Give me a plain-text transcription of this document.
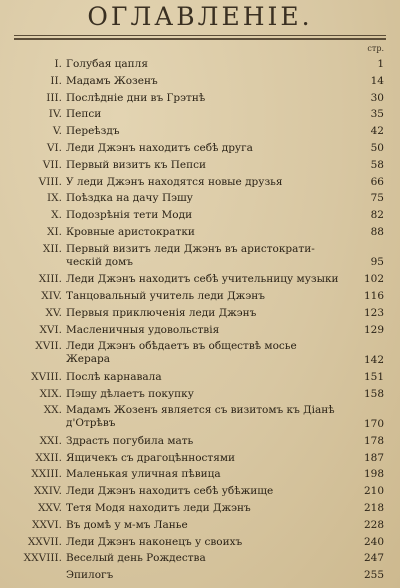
ОГЛАВЛЕНІЕ.
стр.
I. Голубая цапля	1
II. Мадамъ Жозенъ	14
III. Послѣдніе дни въ Грэтнѣ	30
IV. Пепси	35
V. Переѣздъ	42
VI. Леди Джэнъ находитъ себѣ друга	50
VII. Первый визитъ къ Пепси	58
VIII. У леди Джэнъ находятся новые друзья	66
IX. Поѣздка на дачу Пэшу	75
X. Подозрѣнія тети Моди	82
XI. Кровные аристократки	88
XII. Первый визитъ леди Джэнъ въ аристократи-
ческій домъ	95
XIII. Леди Джэнъ находитъ себѣ учительницу музыки	102
XIV. Танцовальный учитель леди Джэнъ	116
XV. Первыя приключенія леди Джэнъ	123
XVI. Масленичныя удовольствія	129
XVII. Леди Джэнъ обѣдаетъ въ обществѣ мосье
Жерара	142
XVIII. Послѣ карнавала	151
XIX. Пэшу дѣлаетъ покупку	158
XX. Мадамъ Жозенъ является съ визитомъ къ Діанѣ
д'Отрѣвъ	170
XXI. Здрасть погубила мать	178
XXII. Ящичекъ съ драгоцѣнностями	187
XXIII. Маленькая уличная пѣвица	198
XXIV. Леди Джэнъ находитъ себѣ убѣжище	210
XXV. Тетя Модя находитъ леди Джэнъ	218
XXVI. Въ домѣ у м-мъ Ланье	228
XXVII. Леди Джэнъ наконецъ у своихъ	240
XXVIII. Веселый день Рождества	247
Эпилогъ	255
